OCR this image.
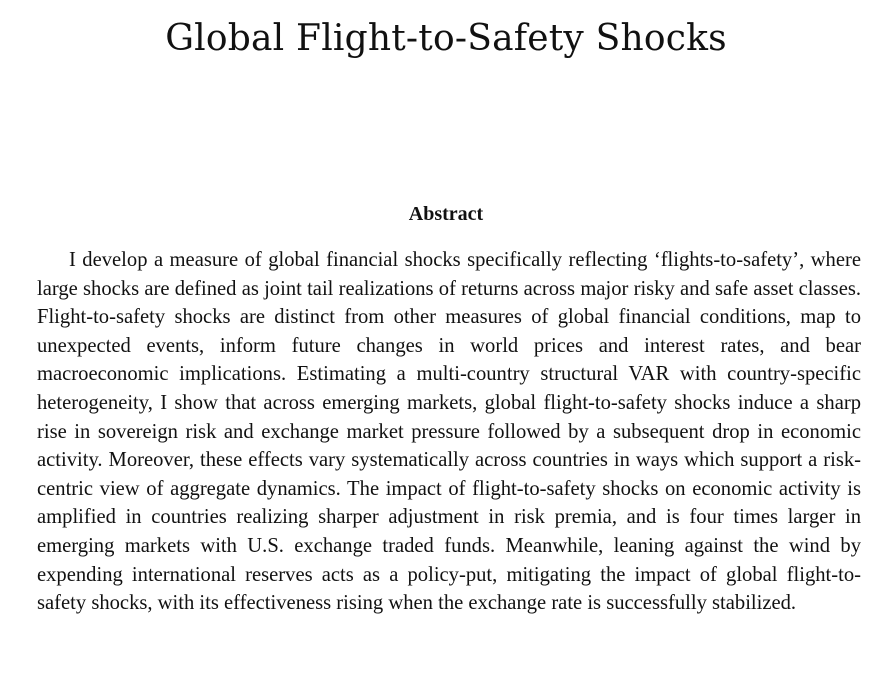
Global Flight-to-Safety Shocks
Abstract

I develop a measure of global financial shocks specifically reflecting ‘flights-to-safety’, where large shocks are defined as joint tail realizations of returns across major risky and safe asset classes. Flight-to-safety shocks are distinct from other measures of global financial conditions, map to unexpected events, inform future changes in world prices and interest rates, and bear macroeconomic implications. Estimating a multi-country structural VAR with country-specific heterogeneity, I show that across emerging markets, global flight-to-safety shocks induce a sharp rise in sovereign risk and exchange market pressure followed by a subsequent drop in economic activity. Moreover, these effects vary systematically across countries in ways which support a risk-centric view of aggregate dynamics. The impact of flight-to-safety shocks on economic activity is amplified in countries realizing sharper adjustment in risk premia, and is four times larger in emerging markets with U.S. exchange traded funds. Meanwhile, leaning against the wind by expending international reserves acts as a policy-put, mitigating the impact of global flight-to-safety shocks, with its effectiveness rising when the exchange rate is successfully stabilized.
